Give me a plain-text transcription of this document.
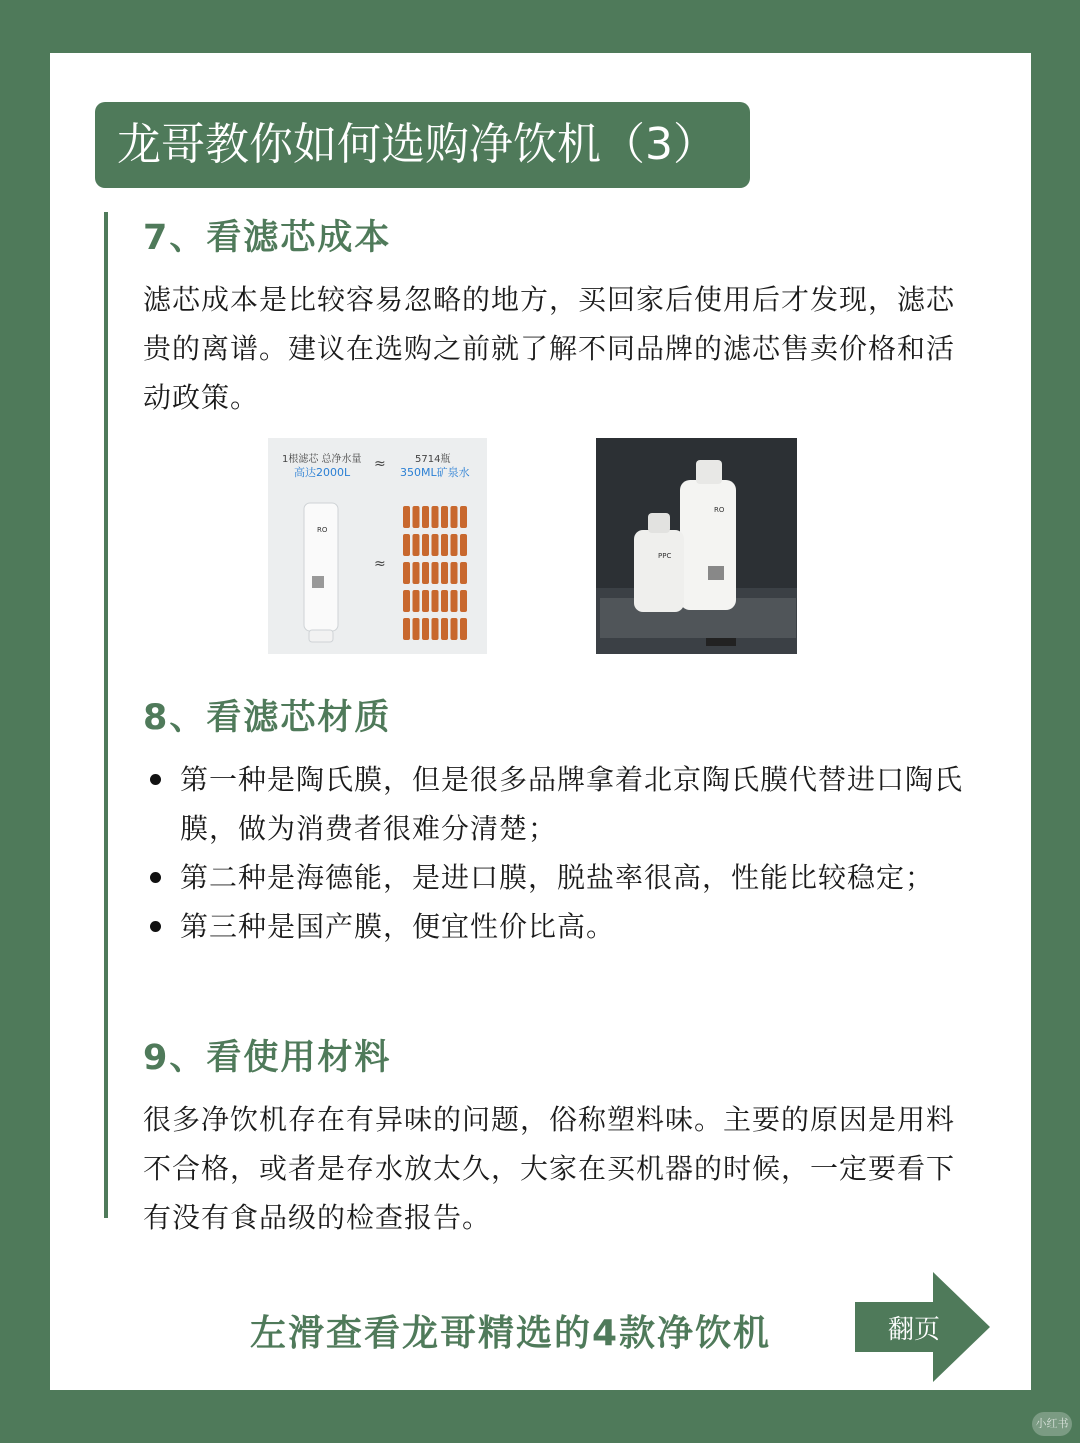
龙哥教你如何选购净饮机（3）
7、看滤芯成本
滤芯成本是比较容易忽略的地方，买回家后使用后才发现，滤芯贵的离谱。建议在选购之前就了解不同品牌的滤芯售卖价格和活动政策。
1根滤芯 总净水量
高达2000L
≈	5714瓶
350ML矿泉水
≈
RO
RO
PPC
8、看滤芯材质
第一种是陶氏膜，但是很多品牌拿着北京陶氏膜代替进口陶氏膜，做为消费者很难分清楚；
第二种是海德能，是进口膜，脱盐率很高，性能比较稳定；
第三种是国产膜，便宜性价比高。
9、看使用材料
很多净饮机存在有异味的问题，俗称塑料味。主要的原因是用料不合格，或者是存水放太久，大家在买机器的时候，一定要看下有没有食品级的检查报告。
左滑查看龙哥精选的4款净饮机	翻页
小红书
